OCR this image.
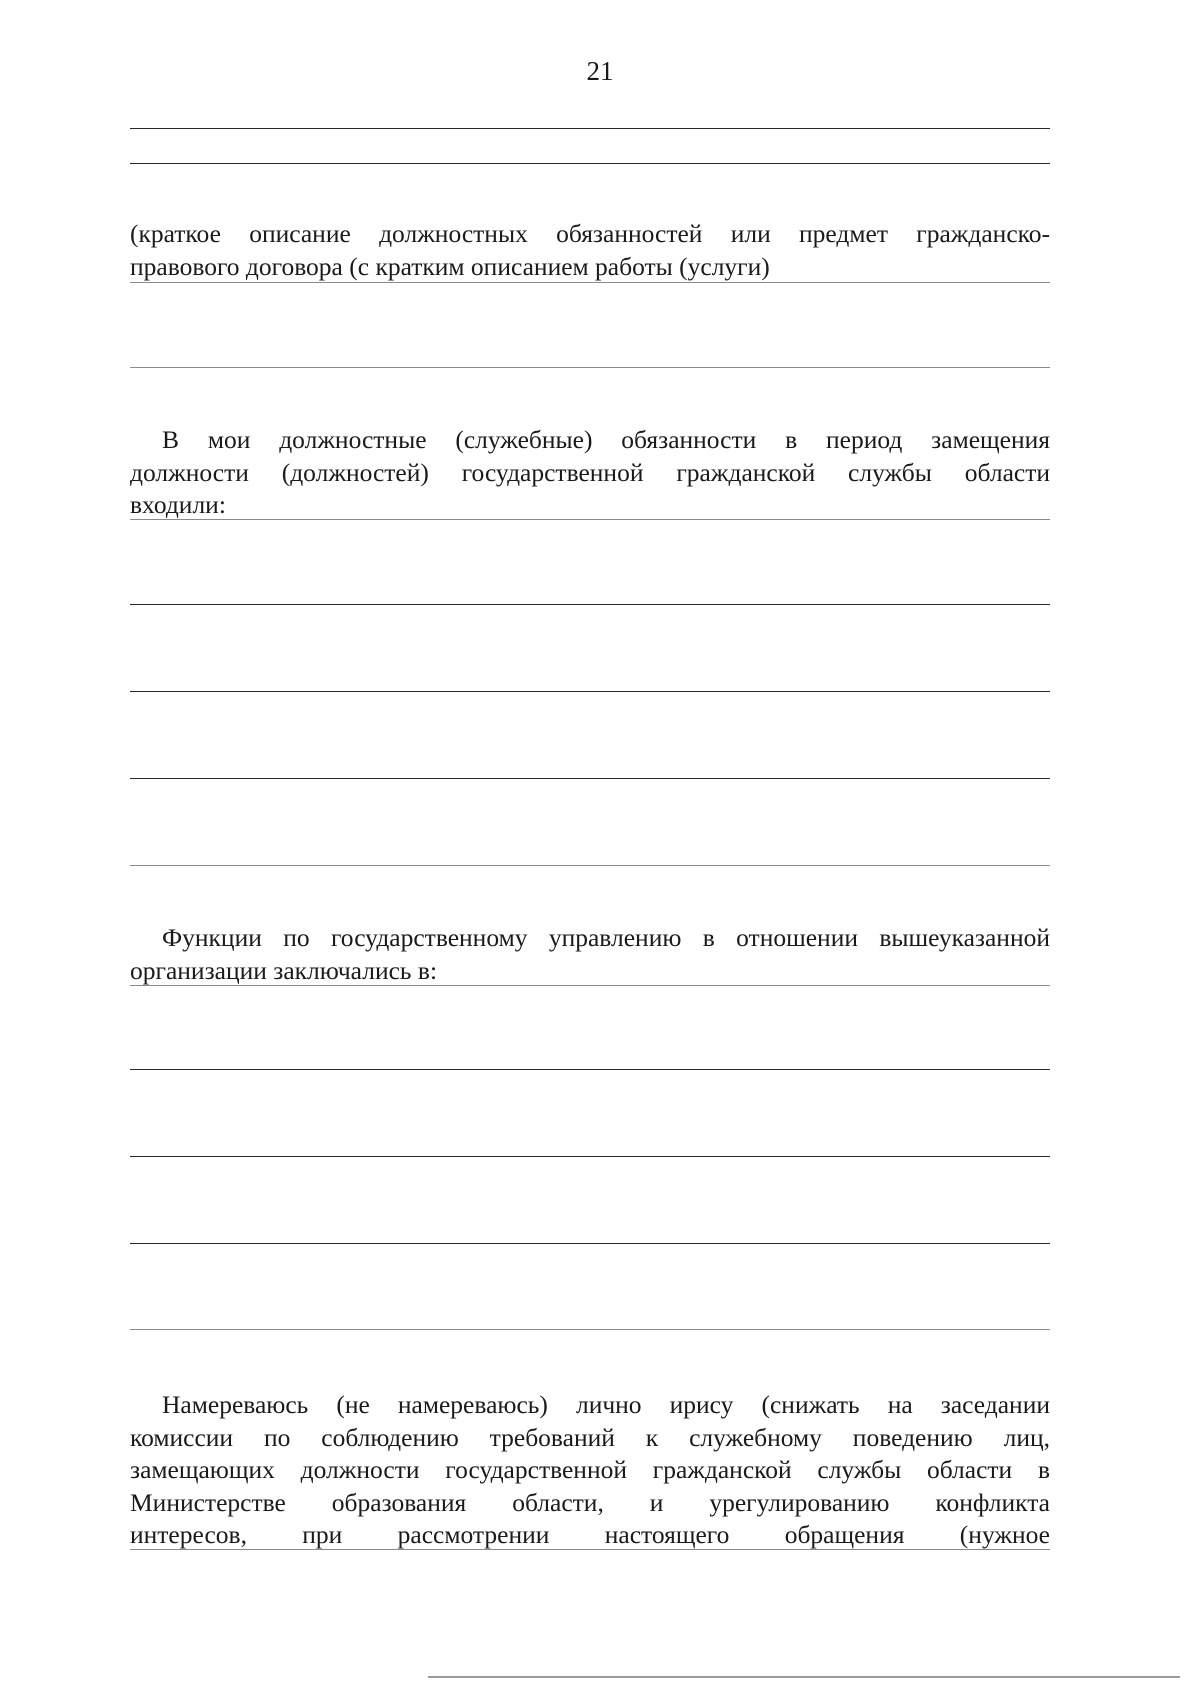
21
(краткое описание должностных обязанностей или предмет гражданско-
правового договора (с кратким описанием работы (услуги)
В мои должностные (служебные) обязанности в период замещения
должности (должностей) государственной гражданской службы области
входили:
Функции по государственному управлению в отношении вышеуказанной
организации заключались в:
Намереваюсь (не намереваюсь) лично ирису (снижать на заседании
комиссии по соблюдению требований к служебному поведению лиц,
замещающих должности государственной гражданской службы области в
Министерстве образования области, и урегулированию конфликта
интересов, при рассмотрении настоящего обращения (нужное
